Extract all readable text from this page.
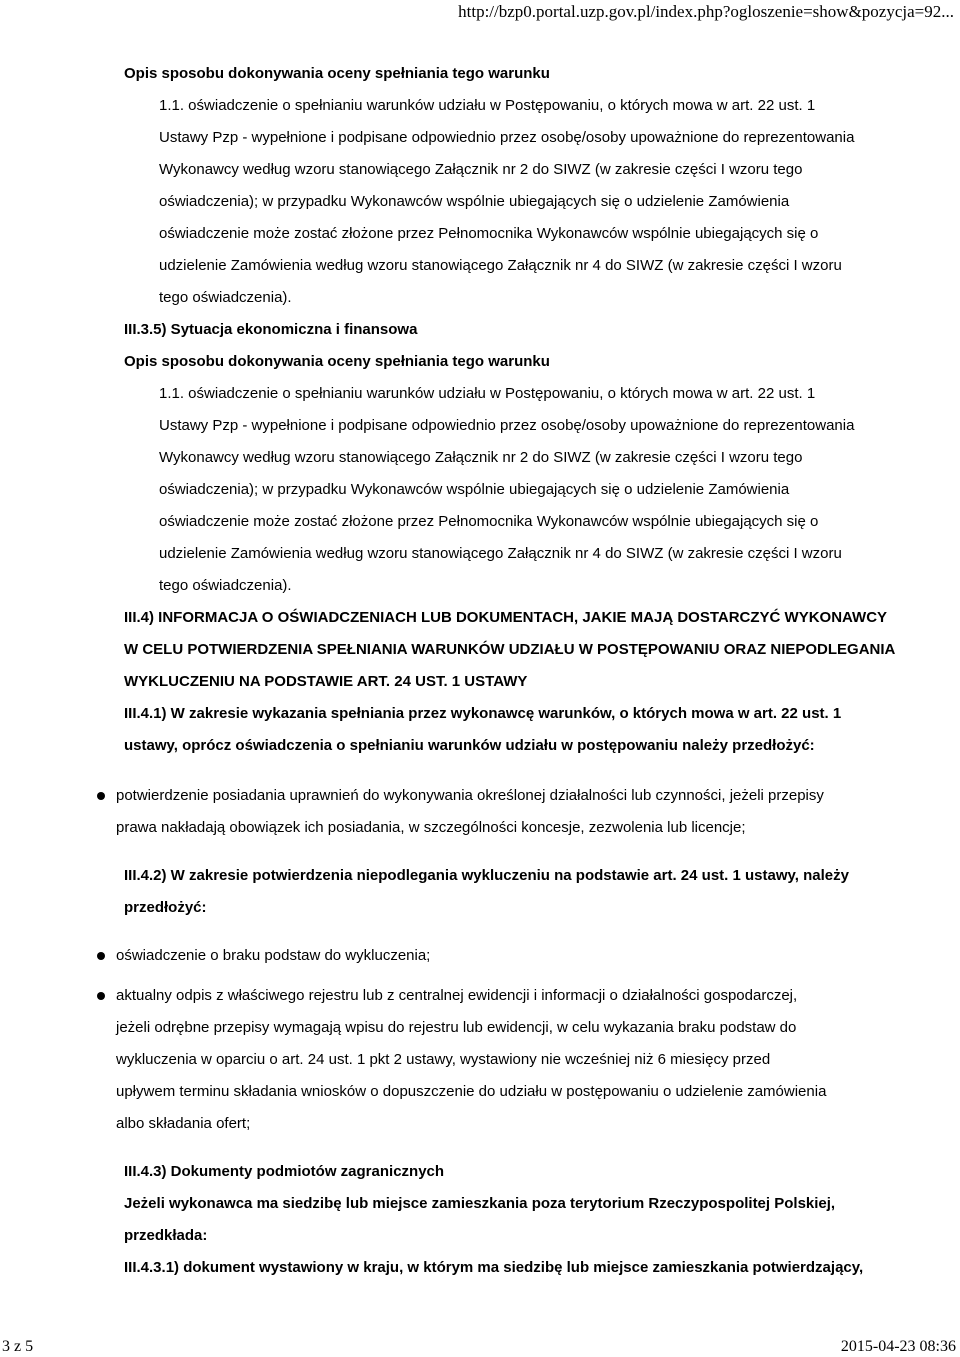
http://bzp0.portal.uzp.gov.pl/index.php?ogloszenie=show&pozycja=92...
Opis sposobu dokonywania oceny spełniania tego warunku
1.1. oświadczenie o spełnianiu warunków udziału w Postępowaniu, o których mowa w art. 22 ust. 1
Ustawy Pzp - wypełnione i podpisane odpowiednio przez osobę/osoby upoważnione do reprezentowania
Wykonawcy według wzoru stanowiącego Załącznik nr 2 do SIWZ (w zakresie części I wzoru tego
oświadczenia); w przypadku Wykonawców wspólnie ubiegających się o udzielenie Zamówienia
oświadczenie może zostać złożone przez Pełnomocnika Wykonawców wspólnie ubiegających się o
udzielenie Zamówienia według wzoru stanowiącego Załącznik nr 4 do SIWZ (w zakresie części I wzoru
tego oświadczenia).
III.3.5) Sytuacja ekonomiczna i finansowa
Opis sposobu dokonywania oceny spełniania tego warunku
1.1. oświadczenie o spełnianiu warunków udziału w Postępowaniu, o których mowa w art. 22 ust. 1
Ustawy Pzp - wypełnione i podpisane odpowiednio przez osobę/osoby upoważnione do reprezentowania
Wykonawcy według wzoru stanowiącego Załącznik nr 2 do SIWZ (w zakresie części I wzoru tego
oświadczenia); w przypadku Wykonawców wspólnie ubiegających się o udzielenie Zamówienia
oświadczenie może zostać złożone przez Pełnomocnika Wykonawców wspólnie ubiegających się o
udzielenie Zamówienia według wzoru stanowiącego Załącznik nr 4 do SIWZ (w zakresie części I wzoru
tego oświadczenia).
III.4) INFORMACJA O OŚWIADCZENIACH LUB DOKUMENTACH, JAKIE MAJĄ DOSTARCZYĆ WYKONAWCY
W CELU POTWIERDZENIA SPEŁNIANIA WARUNKÓW UDZIAŁU W POSTĘPOWANIU ORAZ NIEPODLEGANIA
WYKLUCZENIU NA PODSTAWIE ART. 24 UST. 1 USTAWY
III.4.1) W zakresie wykazania spełniania przez wykonawcę warunków, o których mowa w art. 22 ust. 1
ustawy, oprócz oświadczenia o spełnianiu warunków udziału w postępowaniu należy przedłożyć:
potwierdzenie posiadania uprawnień do wykonywania określonej działalności lub czynności, jeżeli przepisy
prawa nakładają obowiązek ich posiadania, w szczególności koncesje, zezwolenia lub licencje;
III.4.2) W zakresie potwierdzenia niepodlegania wykluczeniu na podstawie art. 24 ust. 1 ustawy, należy
przedłożyć:
oświadczenie o braku podstaw do wykluczenia;
aktualny odpis z właściwego rejestru lub z centralnej ewidencji i informacji o działalności gospodarczej,
jeżeli odrębne przepisy wymagają wpisu do rejestru lub ewidencji, w celu wykazania braku podstaw do
wykluczenia w oparciu o art. 24 ust. 1 pkt 2 ustawy, wystawiony nie wcześniej niż 6 miesięcy przed
upływem terminu składania wniosków o dopuszczenie do udziału w postępowaniu o udzielenie zamówienia
albo składania ofert;
III.4.3) Dokumenty podmiotów zagranicznych
Jeżeli wykonawca ma siedzibę lub miejsce zamieszkania poza terytorium Rzeczypospolitej Polskiej,
przedkłada:
III.4.3.1) dokument wystawiony w kraju, w którym ma siedzibę lub miejsce zamieszkania potwierdzający,
3 z 5	2015-04-23 08:36
